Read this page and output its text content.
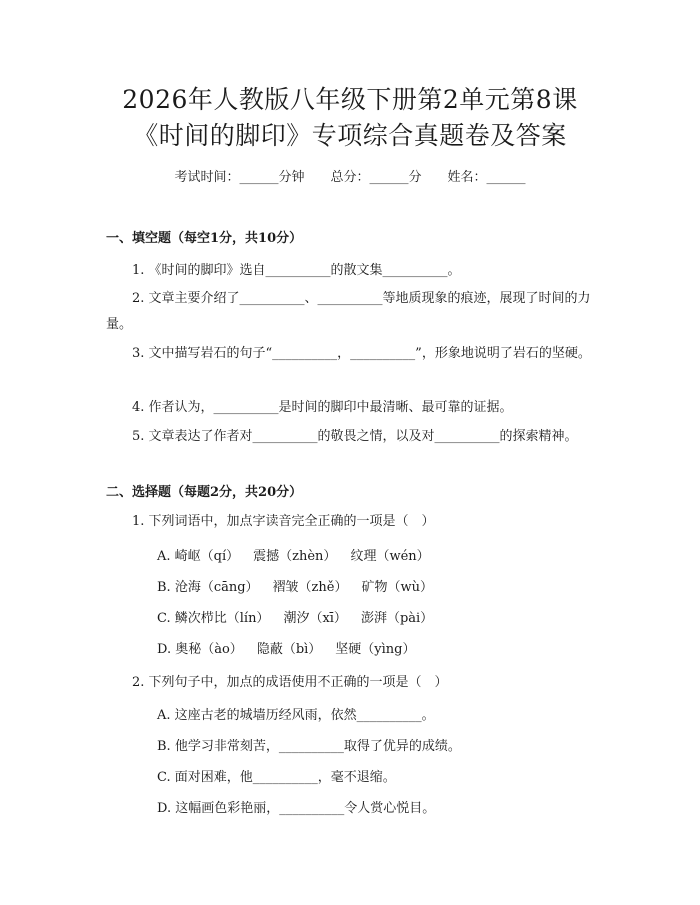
2026年人教版八年级下册第2单元第8课
《时间的脚印》专项综合真题卷及答案
考试时间：______分钟 总分：______分 姓名：______
一、填空题（每空1分，共10分）
1. 《时间的脚印》选自__________的散文集__________。
2. 文章主要介绍了__________、__________等地质现象的痕迹，展现了时间的力量。
3. 文中描写岩石的句子“__________，__________”，形象地说明了岩石的坚硬。
4. 作者认为，__________是时间的脚印中最清晰、最可靠的证据。
5. 文章表达了作者对__________的敬畏之情，以及对__________的探索精神。
二、选择题（每题2分，共20分）
1. 下列词语中，加点字读音完全正确的一项是（　）
A. 崎岖（qí） 震撼（zhèn） 纹理（wén）
B. 沧海（cāng） 褶皱（zhě） 矿物（wù）
C. 鳞次栉比（lín） 潮汐（xī） 澎湃（pài）
D. 奥秘（ào） 隐蔽（bì） 坚硬（yìng）
2. 下列句子中，加点的成语使用不正确的一项是（　）
A. 这座古老的城墙历经风雨，依然__________。
B. 他学习非常刻苦，__________取得了优异的成绩。
C. 面对困难，他__________，毫不退缩。
D. 这幅画色彩艳丽，__________令人赏心悦目。
